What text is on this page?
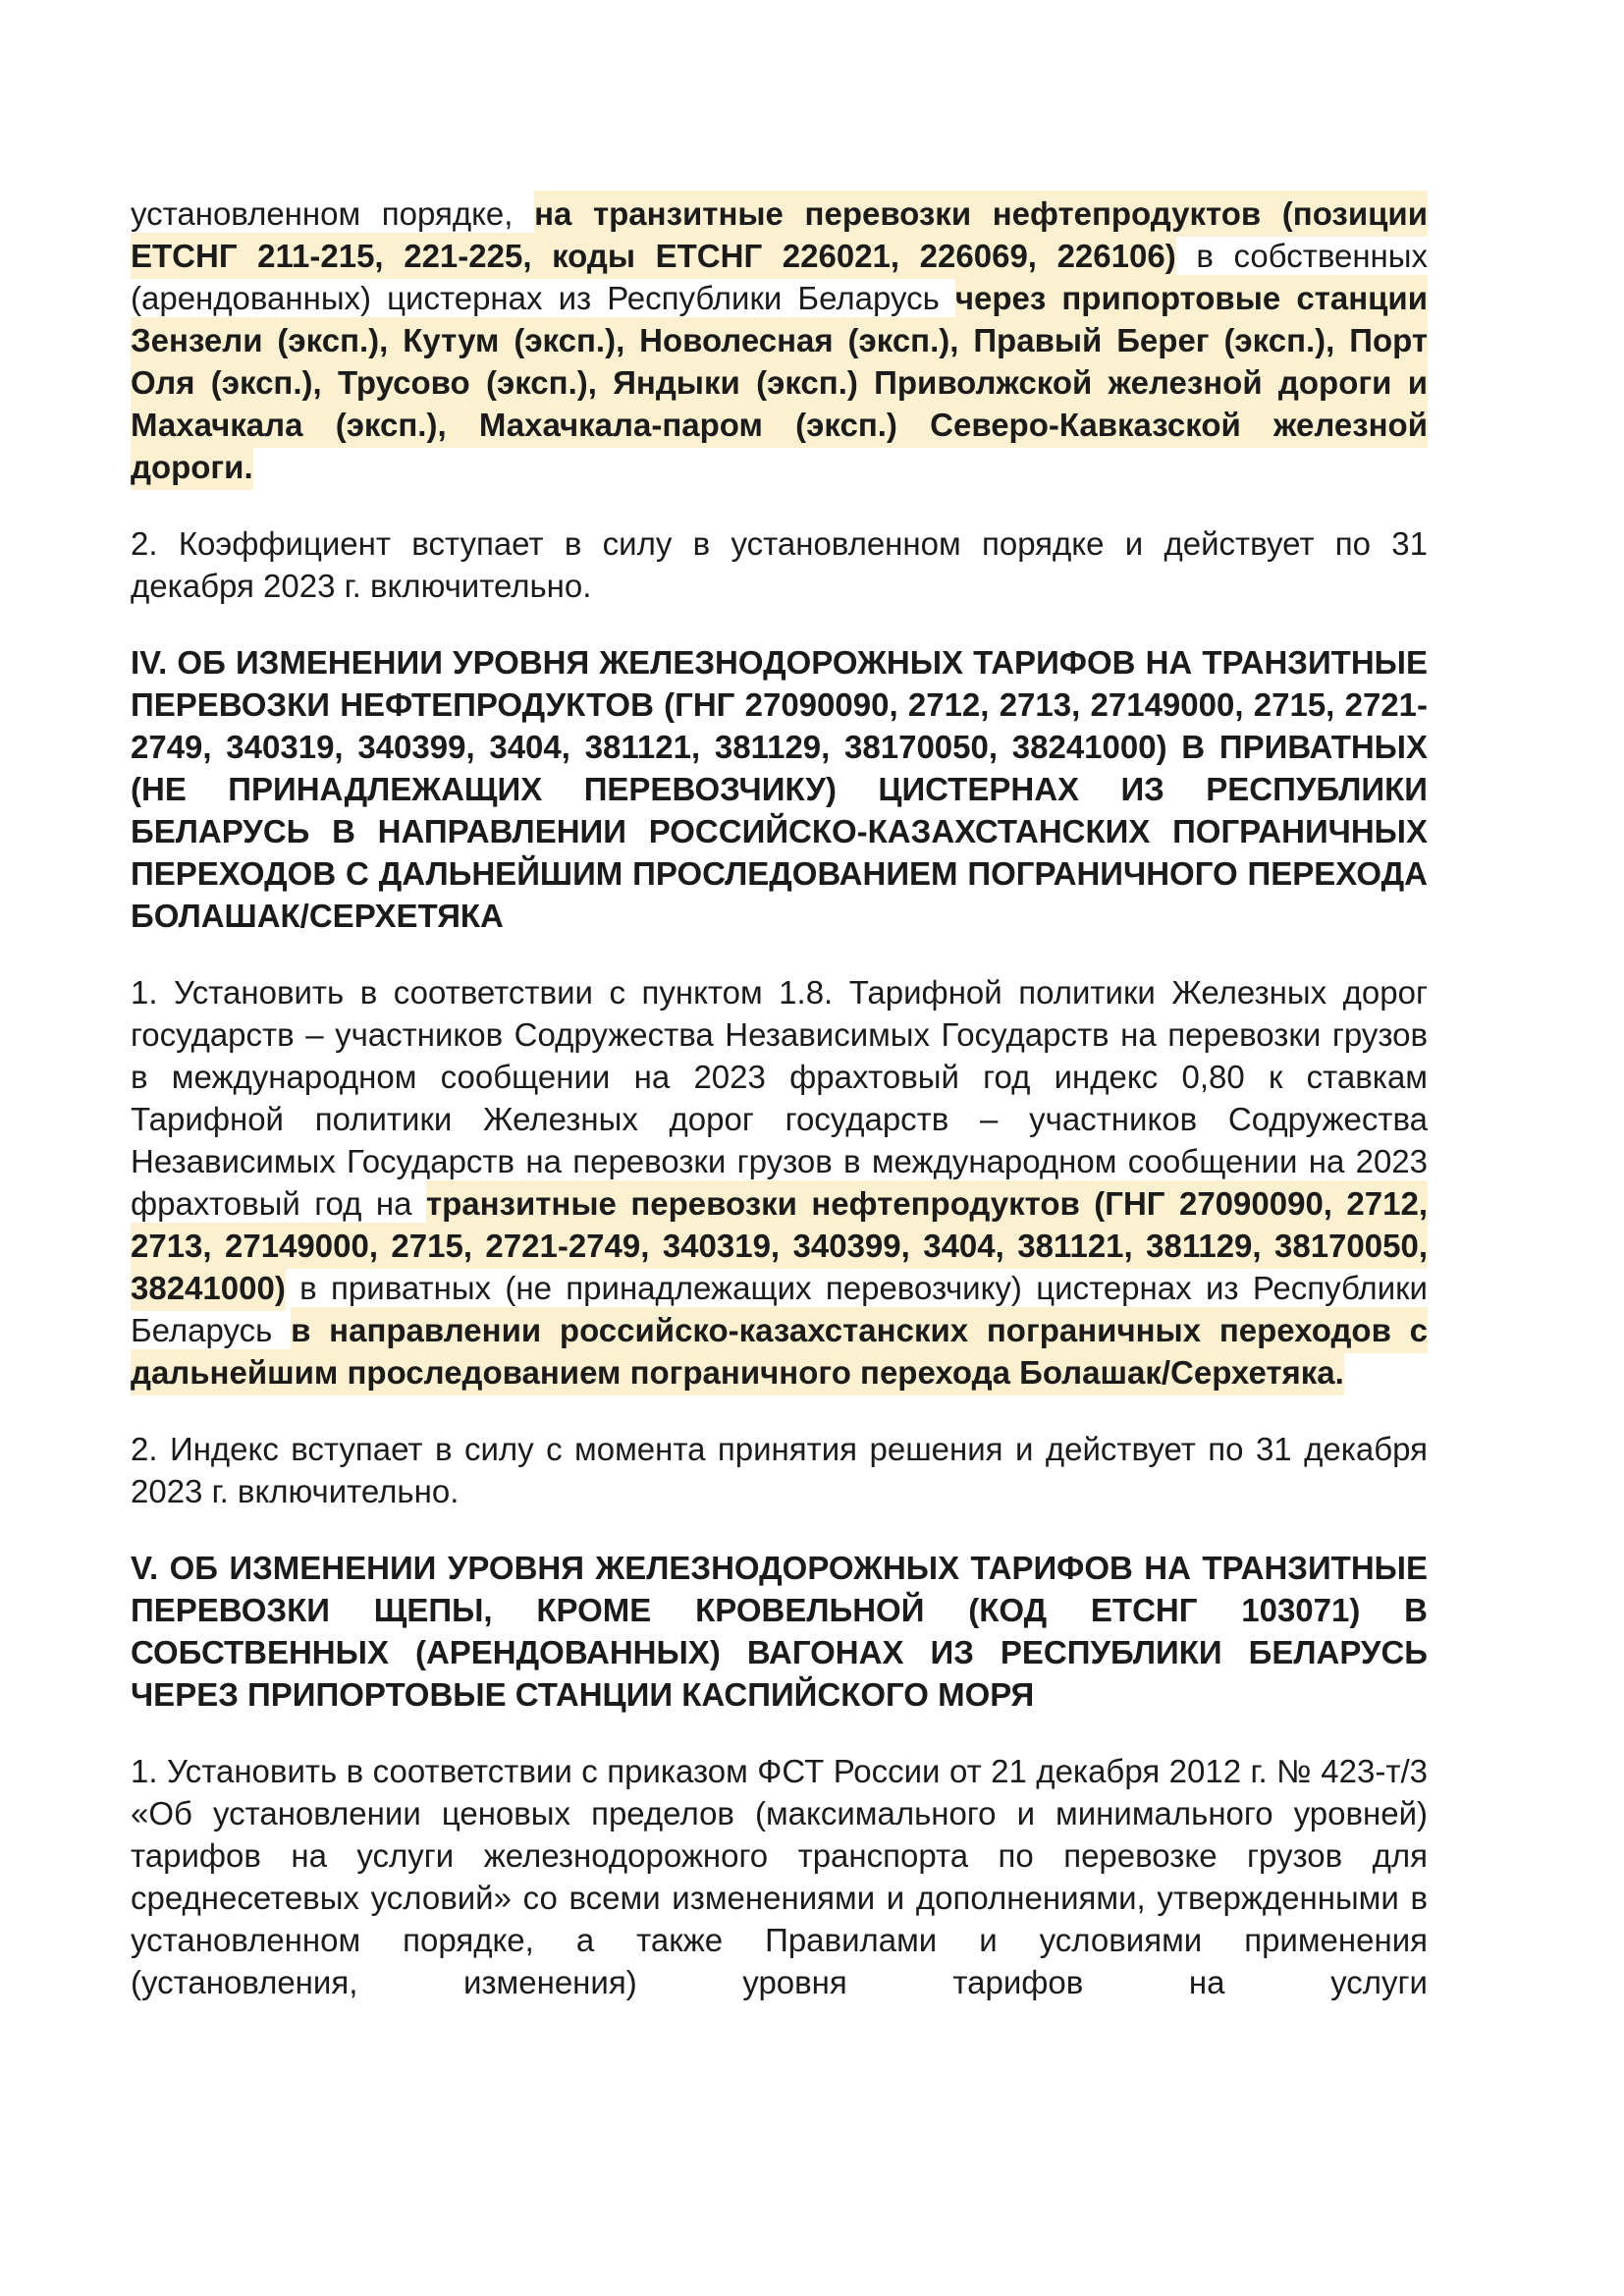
установленном порядке, на транзитные перевозки нефтепродуктов (позиции ЕТСНГ 211-215, 221-225, коды ЕТСНГ 226021, 226069, 226106) в собственных (арендованных) цистернах из Республики Беларусь через припортовые станции Зензели (эксп.), Кутум (эксп.), Новолесная (эксп.), Правый Берег (эксп.), Порт Оля (эксп.), Трусово (эксп.), Яндыки (эксп.) Приволжской железной дороги и Махачкала (эксп.), Махачкала-паром (эксп.) Северо-Кавказской железной дороги.

2. Коэффициент вступает в силу в установленном порядке и действует по 31 декабря 2023 г. включительно.

IV. ОБ ИЗМЕНЕНИИ УРОВНЯ ЖЕЛЕЗНОДОРОЖНЫХ ТАРИФОВ НА ТРАНЗИТНЫЕ ПЕРЕВОЗКИ НЕФТЕПРОДУКТОВ (ГНГ 27090090, 2712, 2713, 27149000, 2715, 2721-2749, 340319, 340399, 3404, 381121, 381129, 38170050, 38241000) В ПРИВАТНЫХ (НЕ ПРИНАДЛЕЖАЩИХ ПЕРЕВОЗЧИКУ) ЦИСТЕРНАХ ИЗ РЕСПУБЛИКИ БЕЛАРУСЬ В НАПРАВЛЕНИИ РОССИЙСКО-КАЗАХСТАНСКИХ ПОГРАНИЧНЫХ ПЕРЕХОДОВ С ДАЛЬНЕЙШИМ ПРОСЛЕДОВАНИЕМ ПОГРАНИЧНОГО ПЕРЕХОДА БОЛАШАК/СЕРХЕТЯКА

1. Установить в соответствии с пунктом 1.8. Тарифной политики Железных дорог государств – участников Содружества Независимых Государств на перевозки грузов в международном сообщении на 2023 фрахтовый год индекс 0,80 к ставкам Тарифной политики Железных дорог государств – участников Содружества Независимых Государств на перевозки грузов в международном сообщении на 2023 фрахтовый год на транзитные перевозки нефтепродуктов (ГНГ 27090090, 2712, 2713, 27149000, 2715, 2721-2749, 340319, 340399, 3404, 381121, 381129, 38170050, 38241000) в приватных (не принадлежащих перевозчику) цистернах из Республики Беларусь в направлении российско-казахстанских пограничных переходов с дальнейшим проследованием пограничного перехода Болашак/Серхетяка.

2. Индекс вступает в силу с момента принятия решения и действует по 31 декабря 2023 г. включительно.

V. ОБ ИЗМЕНЕНИИ УРОВНЯ ЖЕЛЕЗНОДОРОЖНЫХ ТАРИФОВ НА ТРАНЗИТНЫЕ ПЕРЕВОЗКИ ЩЕПЫ, КРОМЕ КРОВЕЛЬНОЙ (КОД ЕТСНГ 103071) В СОБСТВЕННЫХ (АРЕНДОВАННЫХ) ВАГОНАХ ИЗ РЕСПУБЛИКИ БЕЛАРУСЬ ЧЕРЕЗ ПРИПОРТОВЫЕ СТАНЦИИ КАСПИЙСКОГО МОРЯ

1. Установить в соответствии с приказом ФСТ России от 21 декабря 2012 г. № 423-т/3 «Об установлении ценовых пределов (максимального и минимального уровней) тарифов на услуги железнодорожного транспорта по перевозке грузов для среднесетевых условий» со всеми изменениями и дополнениями, утвержденными в установленном порядке, а также Правилами и условиями применения (установления, изменения) уровня тарифов на услуги
